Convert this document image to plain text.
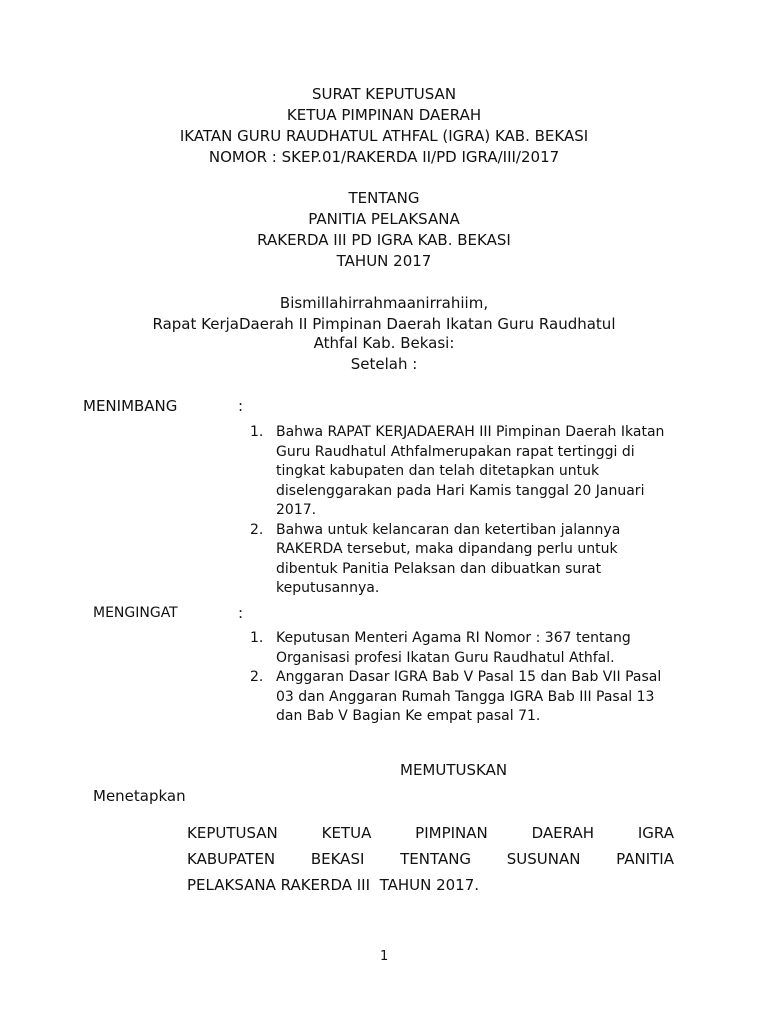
SURAT KEPUTUSAN
KETUA PIMPINAN DAERAH
IKATAN GURU RAUDHATUL ATHFAL (IGRA) KAB. BEKASI
NOMOR : SKEP.01/RAKERDA II/PD IGRA/III/2017
TENTANG
PANITIA PELAKSANA
RAKERDA III PD IGRA KAB. BEKASI
TAHUN 2017
Bismillahirrahmaanirrahiim,
Rapat KerjaDaerah II Pimpinan Daerah Ikatan Guru Raudhatul
Athfal Kab. Bekasi:
Setelah :
MENIMBANG	:
1. Bahwa RAPAT KERJADAERAH III Pimpinan Daerah Ikatan Guru Raudhatul Athfalmerupakan rapat tertinggi di tingkat kabupaten dan telah ditetapkan untuk diselenggarakan pada Hari Kamis tanggal 20 Januari 2017.
2. Bahwa untuk kelancaran dan ketertiban jalannya RAKERDA tersebut, maka dipandang perlu untuk dibentuk Panitia Pelaksan dan dibuatkan surat keputusannya.
MENGINGAT	:
1. Keputusan Menteri Agama RI Nomor : 367 tentang Organisasi profesi Ikatan Guru Raudhatul Athfal.
2. Anggaran Dasar IGRA Bab V Pasal 15 dan Bab VII Pasal 03 dan Anggaran Rumah Tangga IGRA Bab III Pasal 13 dan Bab V Bagian Ke empat pasal 71.
MEMUTUSKAN
Menetapkan
KEPUTUSAN	KETUA	PIMPINAN	DAERAH	IGRA
KABUPATEN BEKASI TENTANG SUSUNAN PANITIA
PELAKSANA RAKERDA III  TAHUN 2017.
1
